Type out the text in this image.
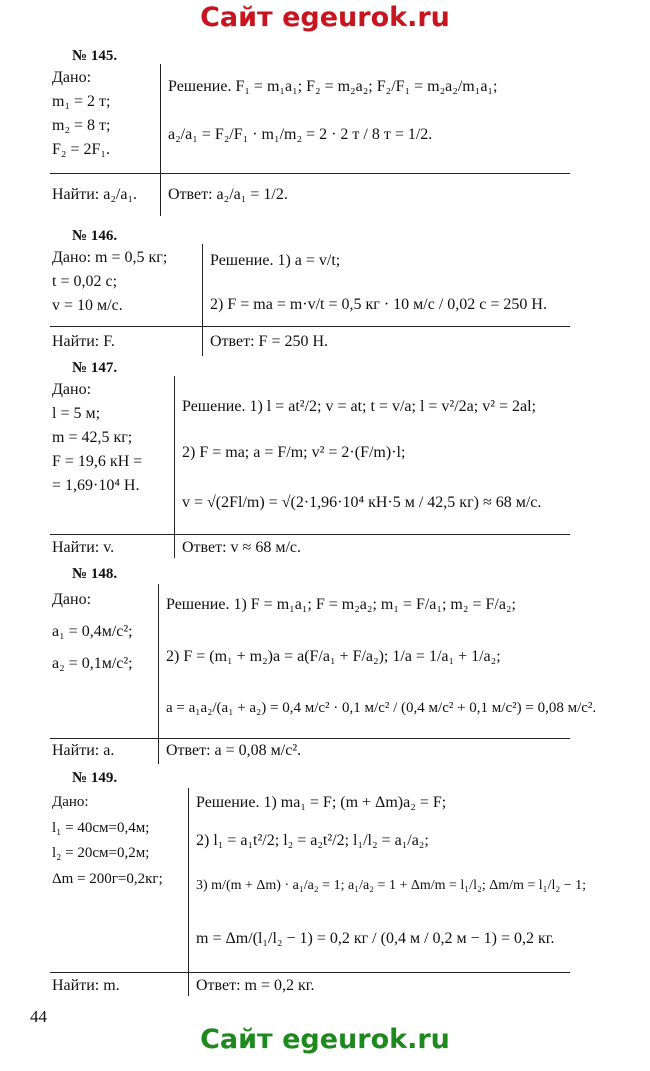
Сайт egeurok.ru
№ 145.
Дано:
m₁ = 2 т;
m₂ = 8 т;
F₂ = 2F₁.
Решение. F₁ = m₁a₁; F₂ = m₂a₂; F₂/F₁ = m₂a₂/m₁a₁;
a₂/a₁ = F₂/F₁ · m₁/m₂ = 2 · 2 т / 8 т = 1/2.
Найти: a₂/a₁. Ответ: a₂/a₁ = 1/2.
№ 146.
Дано: m = 0,5 кг;
t = 0,02 с;
v = 10 м/с.
Решение. 1) a = v/t;
2) F = ma = m·v/t = 0,5 кг · 10 м/с / 0,02 с = 250 Н.
Найти: F.	Ответ: F = 250 Н.
№ 147.
Дано:
l = 5 м;
m = 42,5 кг;
F = 19,6 кН =
= 1,69·10⁴ Н.
Решение. 1) l = at²/2; v = at; t = v/a; l = v²/2a; v² = 2al;
2) F = ma; a = F/m; v² = 2·(F/m)·l;
v = √(2Fl/m) = √(2·1,96·10⁴ кН·5 м / 42,5 кг) ≈ 68 м/с.
Найти: v.	Ответ: v ≈ 68 м/с.
№ 148.
Дано:
a₁ = 0,4м/с²;
a₂ = 0,1м/с²;
Решение. 1) F = m₁a₁; F = m₂a₂; m₁ = F/a₁; m₂ = F/a₂;
2) F = (m₁ + m₂)a = a(F/a₁ + F/a₂); 1/a = 1/a₁ + 1/a₂;
a = a₁a₂/(a₁ + a₂) = 0,4 м/с² · 0,1 м/с² / (0,4 м/с² + 0,1 м/с²) = 0,08 м/с².
Найти: a.	Ответ: a = 0,08 м/с².
№ 149.
Дано:
l₁ = 40см=0,4м;
l₂ = 20см=0,2м;
Δm = 200г=0,2кг;
Решение. 1) ma₁ = F; (m + Δm)a₂ = F;
2) l₁ = a₁t²/2; l₂ = a₂t²/2; l₁/l₂ = a₁/a₂;
3) m/(m + Δm) · a₁/a₂ = 1; a₁/a₂ = 1 + Δm/m = l₁/l₂; Δm/m = l₁/l₂ − 1;
m = Δm/(l₁/l₂ − 1) = 0,2 кг / (0,4 м / 0,2 м − 1) = 0,2 кг.
Найти: m.	Ответ: m = 0,2 кг.
44
Сайт egeurok.ru
